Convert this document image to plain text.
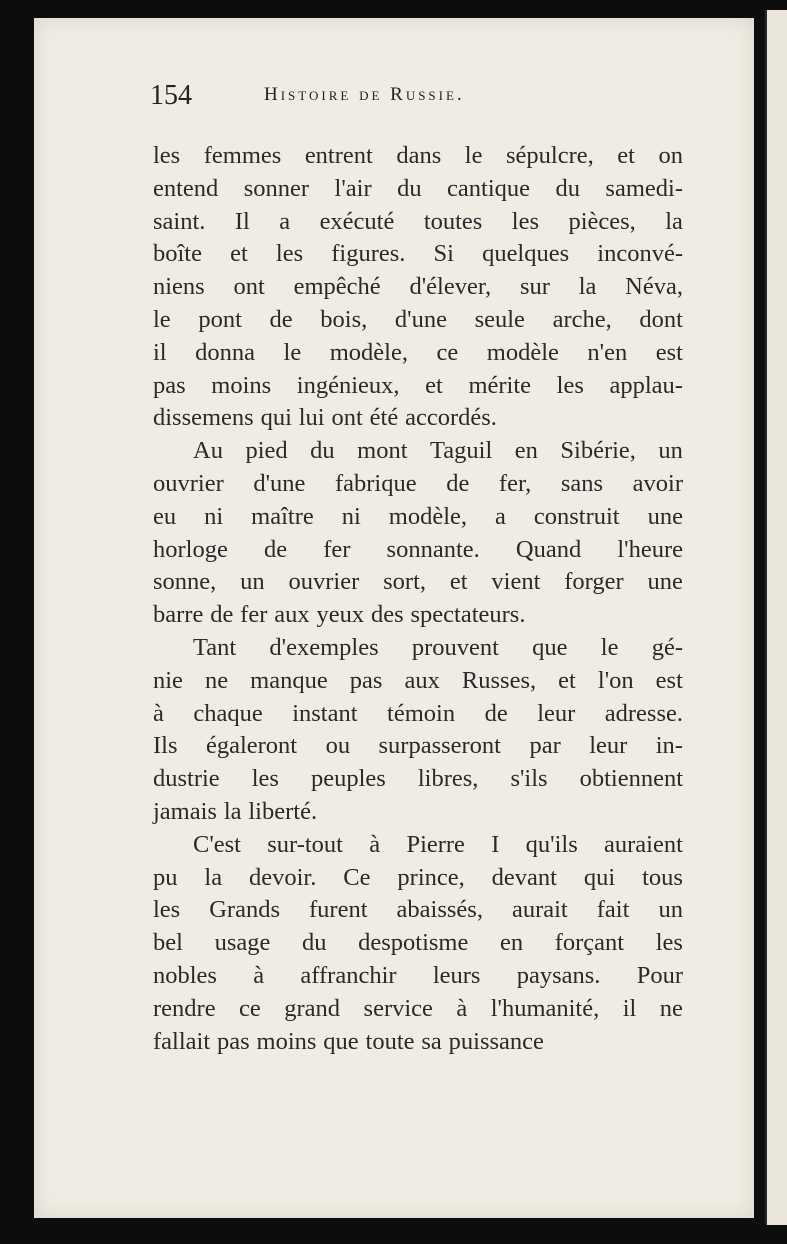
154	Histoire de Russie.
les femmes entrent dans le sépulcre, et on
entend sonner l'air du cantique du samedi-
saint. Il a exécuté toutes les pièces, la
boîte et les figures. Si quelques inconvé-
niens ont empêché d'élever, sur la Néva,
le pont de bois, d'une seule arche, dont
il donna le modèle, ce modèle n'en est
pas moins ingénieux, et mérite les applau-
dissemens qui lui ont été accordés.
Au pied du mont Taguil en Sibérie, un
ouvrier d'une fabrique de fer, sans avoir
eu ni maître ni modèle, a construit une
horloge de fer sonnante. Quand l'heure
sonne, un ouvrier sort, et vient forger une
barre de fer aux yeux des spectateurs.
Tant d'exemples prouvent que le gé-
nie ne manque pas aux Russes, et l'on est
à chaque instant témoin de leur adresse.
Ils égaleront ou surpasseront par leur in-
dustrie les peuples libres, s'ils obtiennent
jamais la liberté.
C'est sur-tout à Pierre I qu'ils auraient
pu la devoir. Ce prince, devant qui tous
les Grands furent abaissés, aurait fait un
bel usage du despotisme en forçant les
nobles à affranchir leurs paysans. Pour
rendre ce grand service à l'humanité, il ne
fallait pas moins que toute sa puissance
